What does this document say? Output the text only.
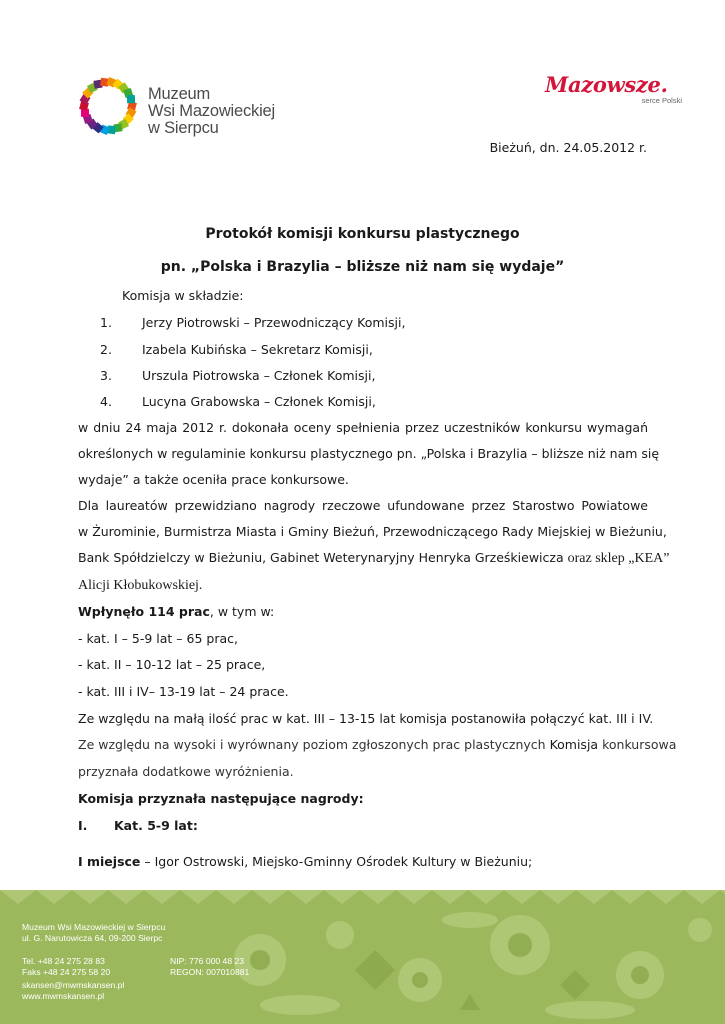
Muzeum
Wsi Mazowieckiej
w Sierpcu
Mazowsze.
serce Polski
Bieżuń, dn. 24.05.2012 r.
Protokół komisji konkursu plastycznego
pn. „Polska i Brazylia – bliższe niż nam się wydaje”
Komisja w składzie:
1. Jerzy Piotrowski – Przewodniczący Komisji,
2. Izabela Kubińska – Sekretarz Komisji,
3. Urszula Piotrowska – Członek Komisji,
4. Lucyna Grabowska – Członek Komisji,
w dniu 24 maja 2012 r. dokonała oceny spełnienia przez uczestników konkursu wymagań
określonych w regulaminie konkursu plastycznego pn. „Polska i Brazylia – bliższe niż nam się
wydaje” a także oceniła prace konkursowe.
Dla laureatów przewidziano nagrody rzeczowe ufundowane przez Starostwo Powiatowe
w Żurominie, Burmistrza Miasta i Gminy Bieżuń, Przewodniczącego Rady Miejskiej w Bieżuniu,
Bank Spółdzielczy w Bieżuniu, Gabinet Weterynaryjny Henryka Grześkiewicza oraz sklep „KEA”
Alicji Kłobukowskiej.
Wpłynęło 114 prac, w tym w:
- kat. I – 5-9 lat – 65 prac,
- kat. II – 10-12 lat – 25 prace,
- kat. III i IV– 13-19 lat – 24 prace.
Ze względu na małą ilość prac w kat. III – 13-15 lat komisja postanowiła połączyć kat. III i IV.
Ze względu na wysoki i wyrównany poziom zgłoszonych prac plastycznych Komisja konkursowa
przyznała dodatkowe wyróżnienia.
Komisja przyznała następujące nagrody:
I. Kat. 5-9 lat:
I miejsce – Igor Ostrowski, Miejsko-Gminny Ośrodek Kultury w Bieżuniu;
Muzeum Wsi Mazowieckiej w Sierpcu
ul. G. Narutowicza 64, 09-200 Sierpc
Tel. +48 24 275 28 83
Faks +48 24 275 58 20
skansen@mwmskansen.pl
www.mwmskansen.pl
NIP: 776 000 48 23
REGON: 007010881
